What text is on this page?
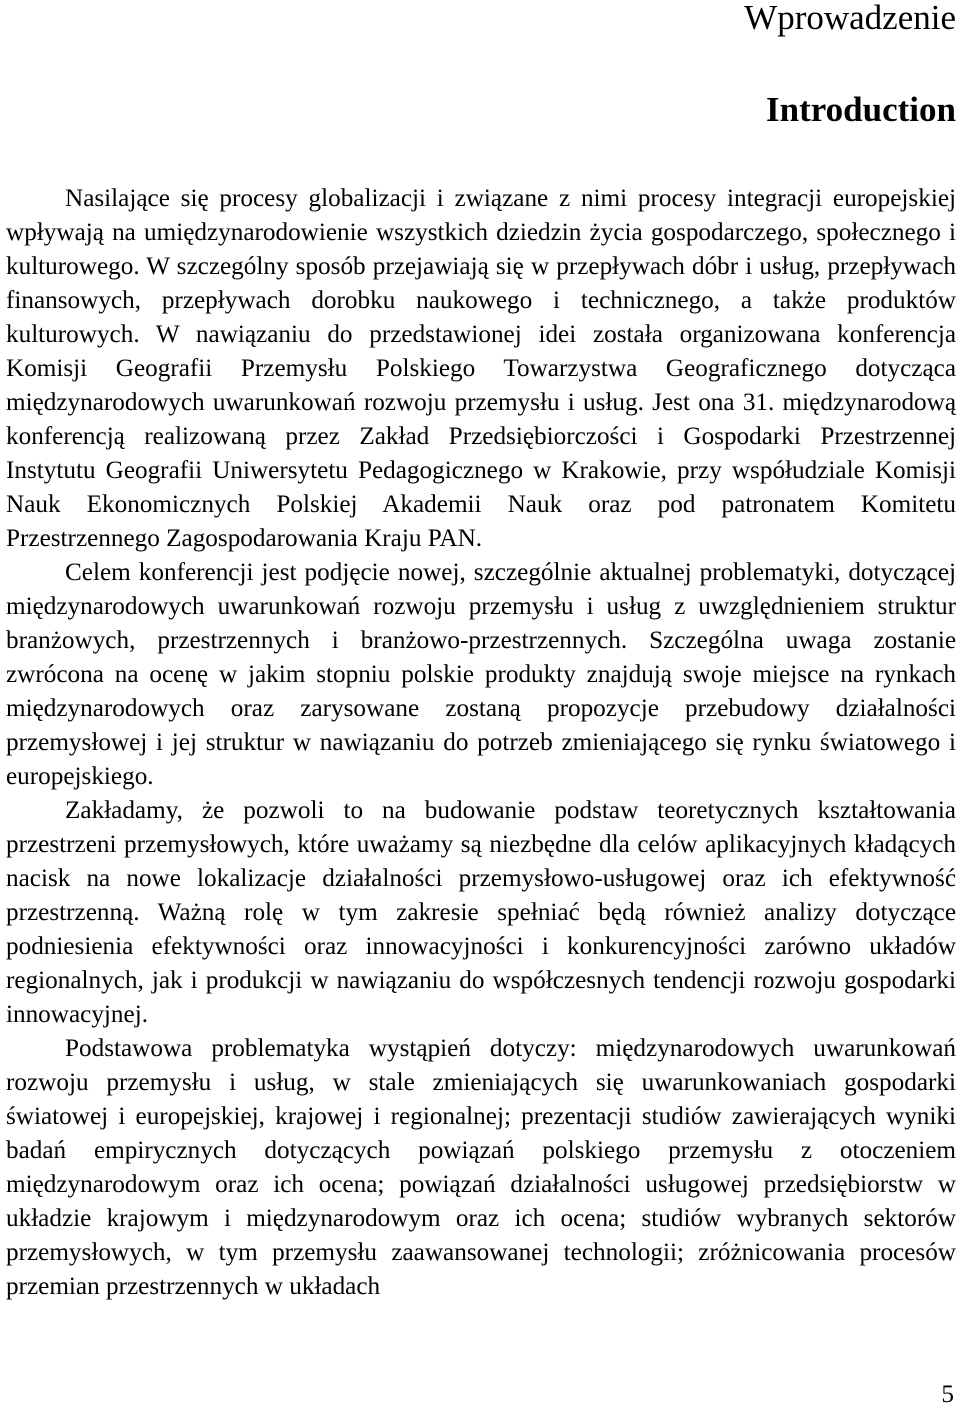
Wprowadzenie
Introduction

Nasilające się procesy globalizacji i związane z nimi procesy integracji europejskiej wpływają na umiędzynarodowienie wszystkich dziedzin życia gospodarczego, społecznego i kulturowego. W szczególny sposób przejawiają się w przepływach dóbr i usług, przepływach finansowych, przepływach dorobku naukowego i technicznego, a także produktów kulturowych. W nawiązaniu do przedstawionej idei została organizowana konferencja Komisji Geografii Przemysłu Polskiego Towarzystwa Geograficznego dotycząca międzynarodowych uwarunkowań rozwoju przemysłu i usług. Jest ona 31. międzynarodową konferencją realizowaną przez Zakład Przedsiębiorczości i Gospodarki Przestrzennej Instytutu Geografii Uniwersytetu Pedagogicznego w Krakowie, przy współudziale Komisji Nauk Ekonomicznych Polskiej Akademii Nauk oraz pod patronatem Komitetu Przestrzennego Zagospodarowania Kraju PAN.

Celem konferencji jest podjęcie nowej, szczególnie aktualnej problematyki, dotyczącej międzynarodowych uwarunkowań rozwoju przemysłu i usług z uwzględnieniem struktur branżowych, przestrzennych i branżowo-przestrzennych. Szczególna uwaga zostanie zwrócona na ocenę w jakim stopniu polskie produkty znajdują swoje miejsce na rynkach międzynarodowych oraz zarysowane zostaną propozycje przebudowy działalności przemysłowej i jej struktur w nawiązaniu do potrzeb zmieniającego się rynku światowego i europejskiego.

Zakładamy, że pozwoli to na budowanie podstaw teoretycznych kształtowania przestrzeni przemysłowych, które uważamy są niezbędne dla celów aplikacyjnych kładących nacisk na nowe lokalizacje działalności przemysłowo-usługowej oraz ich efektywność przestrzenną. Ważną rolę w tym zakresie spełniać będą również analizy dotyczące podniesienia efektywności oraz innowacyjności i konkurencyjności zarówno układów regionalnych, jak i produkcji w nawiązaniu do współczesnych tendencji rozwoju gospodarki innowacyjnej.

Podstawowa problematyka wystąpień dotyczy: międzynarodowych uwarunkowań rozwoju przemysłu i usług, w stale zmieniających się uwarunkowaniach gospodarki światowej i europejskiej, krajowej i regionalnej; prezentacji studiów zawierających wyniki badań empirycznych dotyczących powiązań polskiego przemysłu z otoczeniem międzynarodowym oraz ich ocena; powiązań działalności usługowej przedsiębiorstw w układzie krajowym i międzynarodowym oraz ich ocena; studiów wybranych sektorów przemysłowych, w tym przemysłu zaawansowanej technologii; zróżnicowania procesów przemian przestrzennych w układach

5
